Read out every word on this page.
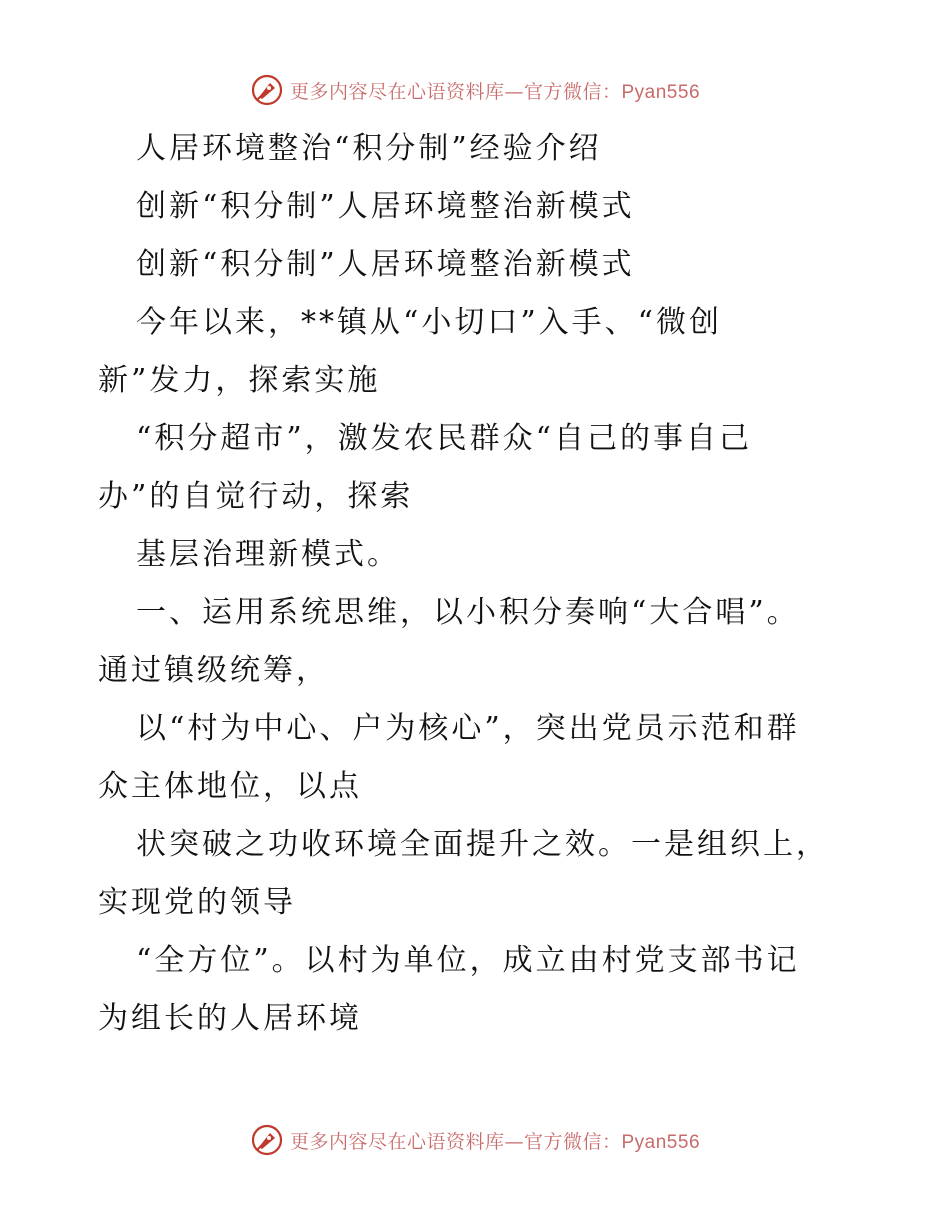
更多内容尽在心语资料库—官方微信：Pyan556
人居环境整治“积分制”经验介绍
创新“积分制”人居环境整治新模式
创新“积分制”人居环境整治新模式
今年以来，**镇从“小切口”入手、“微创
新”发力，探索实施
“积分超市”，激发农民群众“自己的事自己
办”的自觉行动，探索
基层治理新模式。
一、运用系统思维，以小积分奏响“大合唱”。
通过镇级统筹，
以“村为中心、户为核心”，突出党员示范和群
众主体地位，以点
状突破之功收环境全面提升之效。一是组织上，
实现党的领导
“全方位”。以村为单位，成立由村党支部书记
为组长的人居环境
更多内容尽在心语资料库—官方微信：Pyan556
